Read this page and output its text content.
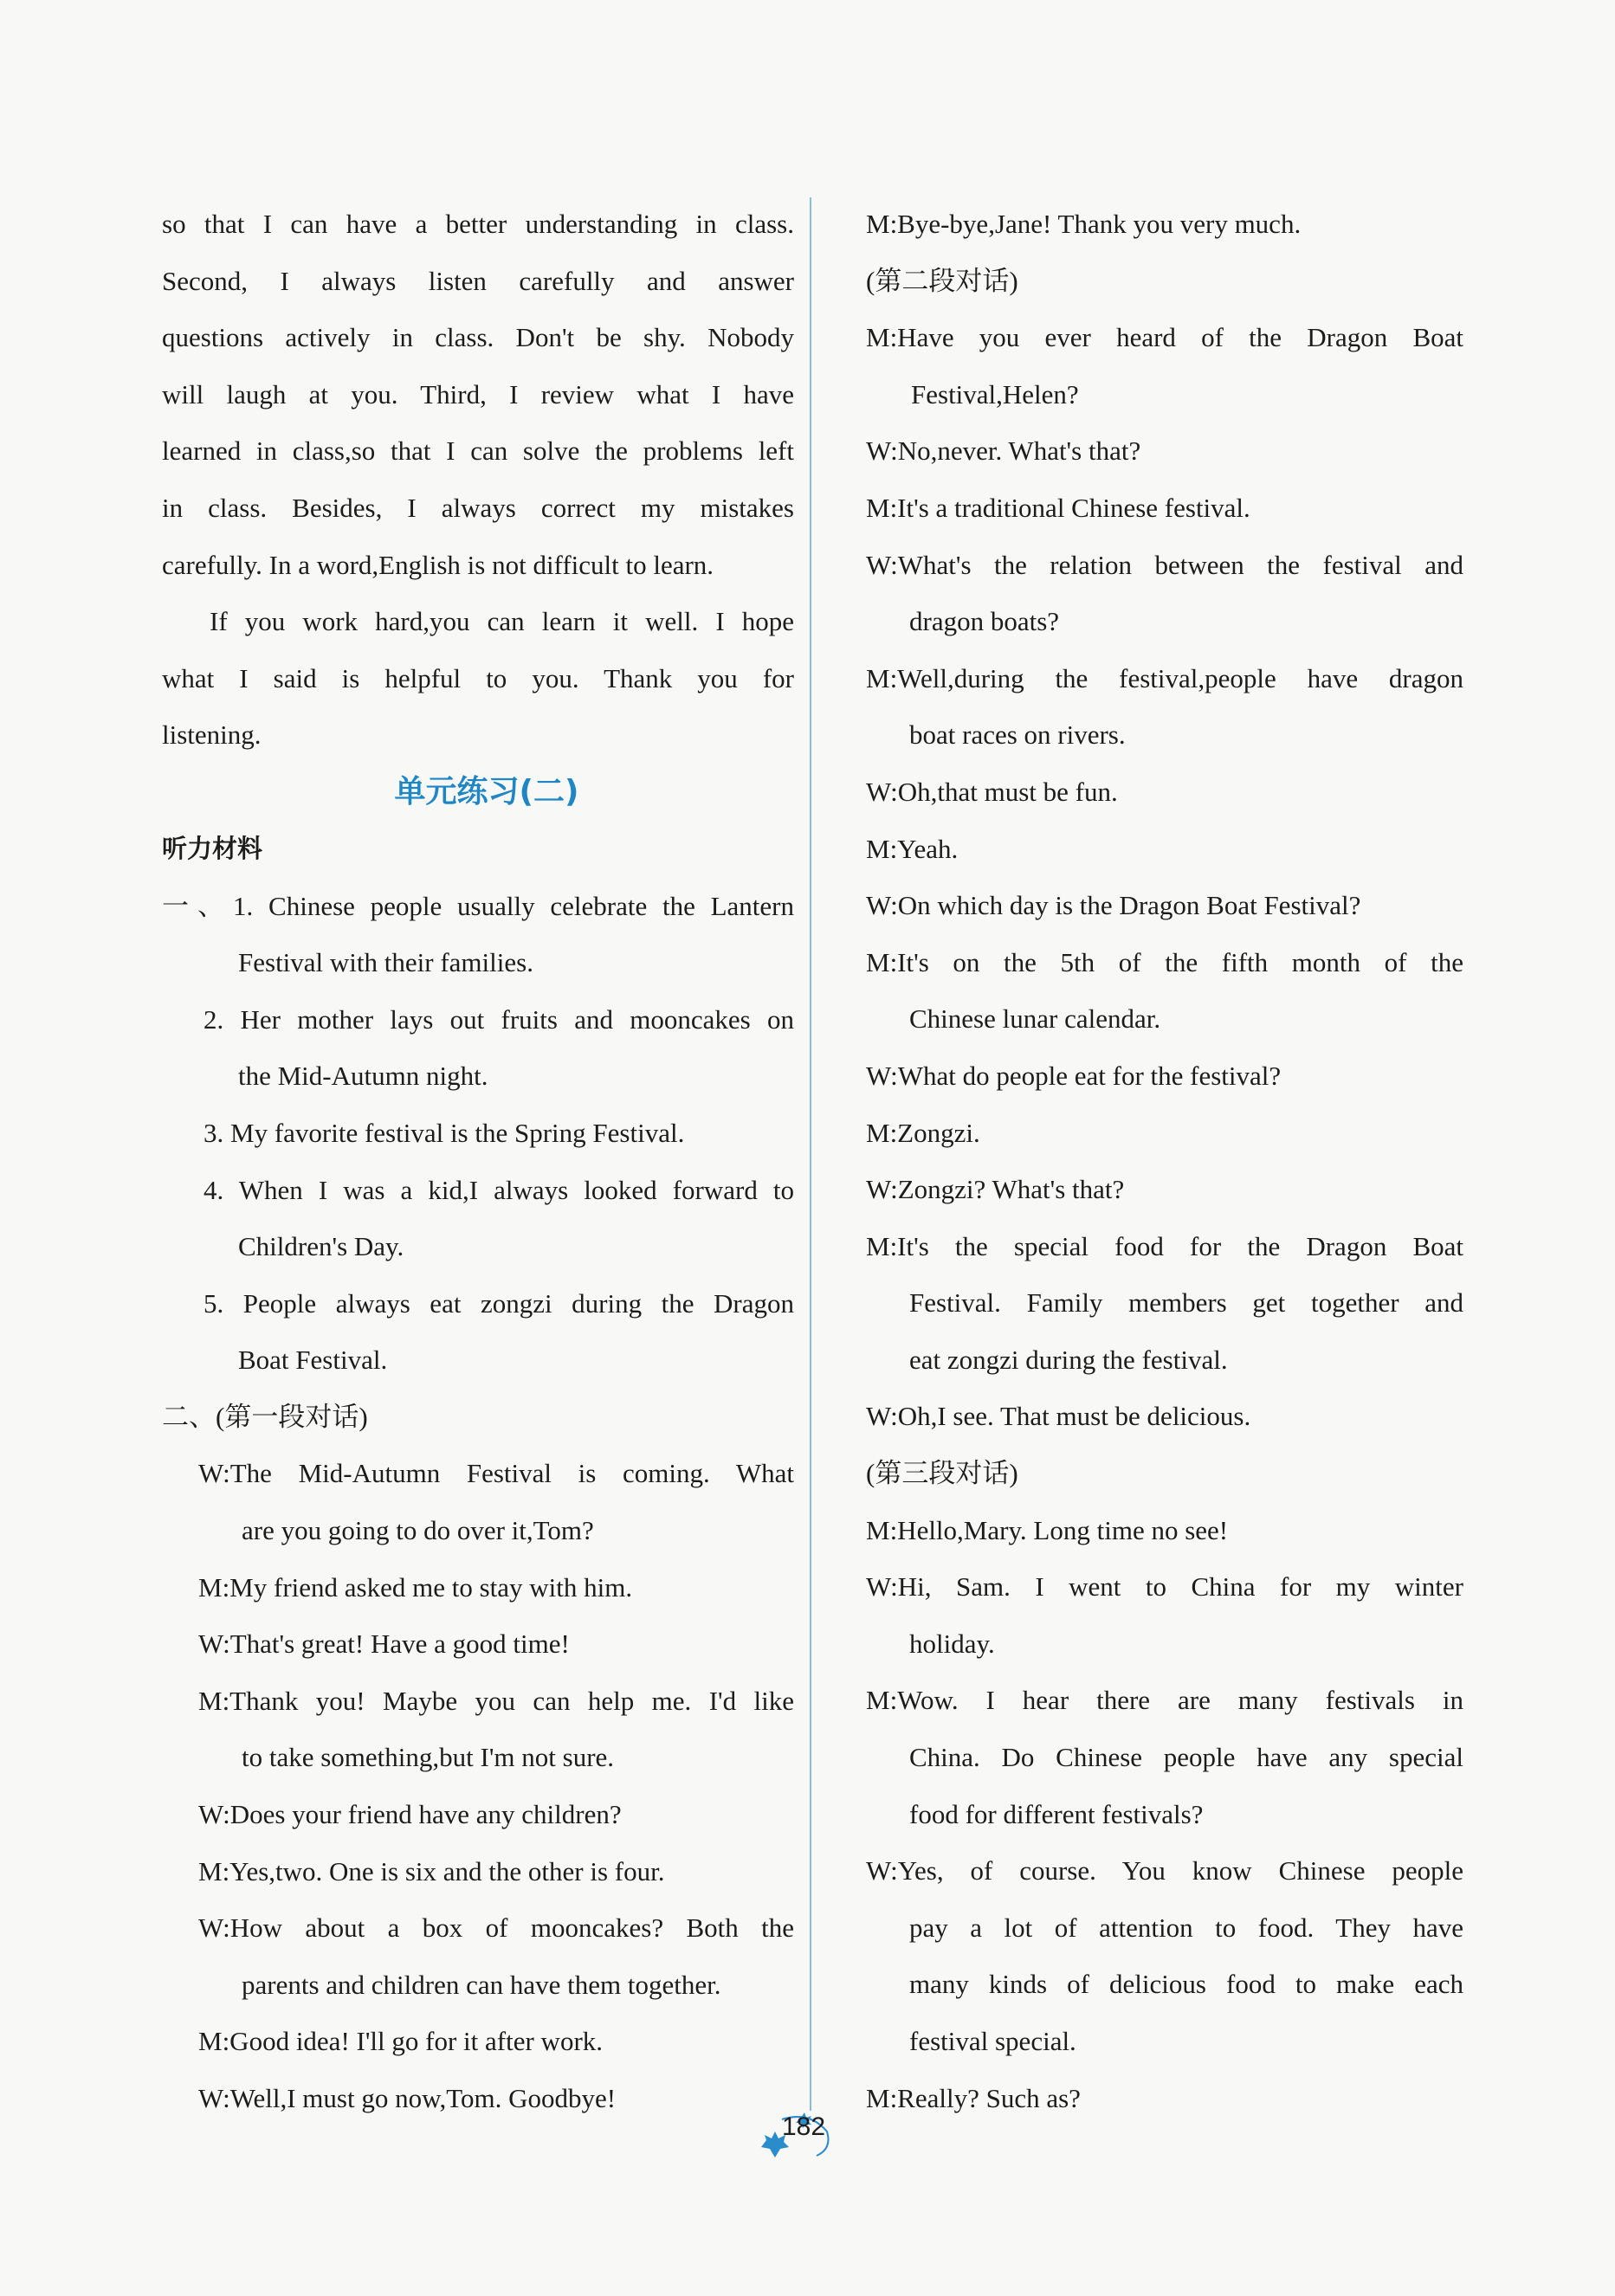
so that I can have a better understanding in class.
Second, I always listen carefully and answer
questions actively in class. Don't be shy. Nobody
will laugh at you. Third, I review what I have
learned in class,so that I can solve the problems left
in class. Besides, I always correct my mistakes
carefully. In a word,English is not difficult to learn.
If you work hard,you can learn it well. I hope
what I said is helpful to you. Thank you for
listening.
单元练习(二)
听力材料
一、1. Chinese people usually celebrate the Lantern
Festival with their families.
2. Her mother lays out fruits and mooncakes on
the Mid-Autumn night.
3. My favorite festival is the Spring Festival.
4. When I was a kid,I always looked forward to
Children's Day.
5. People always eat zongzi during the Dragon
Boat Festival.
二、(第一段对话)
W:The Mid-Autumn Festival is coming. What
are you going to do over it,Tom?
M:My friend asked me to stay with him.
W:That's great! Have a good time!
M:Thank you! Maybe you can help me. I'd like
to take something,but I'm not sure.
W:Does your friend have any children?
M:Yes,two. One is six and the other is four.
W:How about a box of mooncakes? Both the
parents and children can have them together.
M:Good idea! I'll go for it after work.
W:Well,I must go now,Tom. Goodbye!
M:Bye-bye,Jane! Thank you very much.
(第二段对话)
M:Have you ever heard of the Dragon Boat
Festival,Helen?
W:No,never. What's that?
M:It's a traditional Chinese festival.
W:What's the relation between the festival and
dragon boats?
M:Well,during the festival,people have dragon
boat races on rivers.
W:Oh,that must be fun.
M:Yeah.
W:On which day is the Dragon Boat Festival?
M:It's on the 5th of the fifth month of the
Chinese lunar calendar.
W:What do people eat for the festival?
M:Zongzi.
W:Zongzi? What's that?
M:It's the special food for the Dragon Boat
Festival. Family members get together and
eat zongzi during the festival.
W:Oh,I see. That must be delicious.
(第三段对话)
M:Hello,Mary. Long time no see!
W:Hi, Sam. I went to China for my winter
holiday.
M:Wow. I hear there are many festivals in
China. Do Chinese people have any special
food for different festivals?
W:Yes, of course. You know Chinese people
pay a lot of attention to food. They have
many kinds of delicious food to make each
festival special.
M:Really? Such as?
182
